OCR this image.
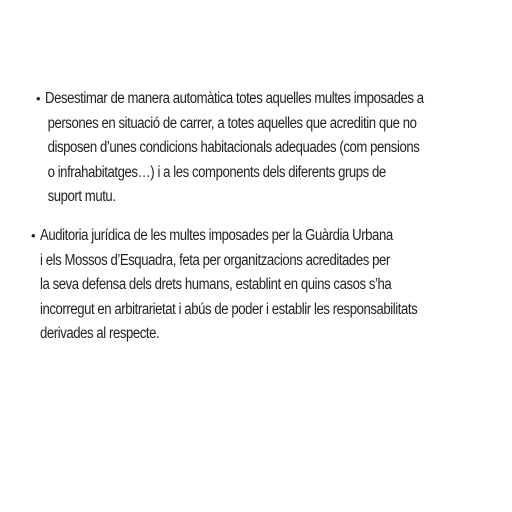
• Desestimar de manera automàtica totes aquelles multes imposades a
persones en situació de carrer, a totes aquelles que acreditin que no
disposen d’unes condicions habitacionals adequades (com pensions
o infrahabitatges…) i a les components dels diferents grups de
suport mutu.

• Auditoria jurídica de les multes imposades per la Guàrdia Urbana
i els Mossos d’Esquadra, feta per organitzacions acreditades per
la seva defensa dels drets humans, establint en quins casos s’ha
incorregut en arbitrarietat i abús de poder i establir les responsabilitats
derivades al respecte.
